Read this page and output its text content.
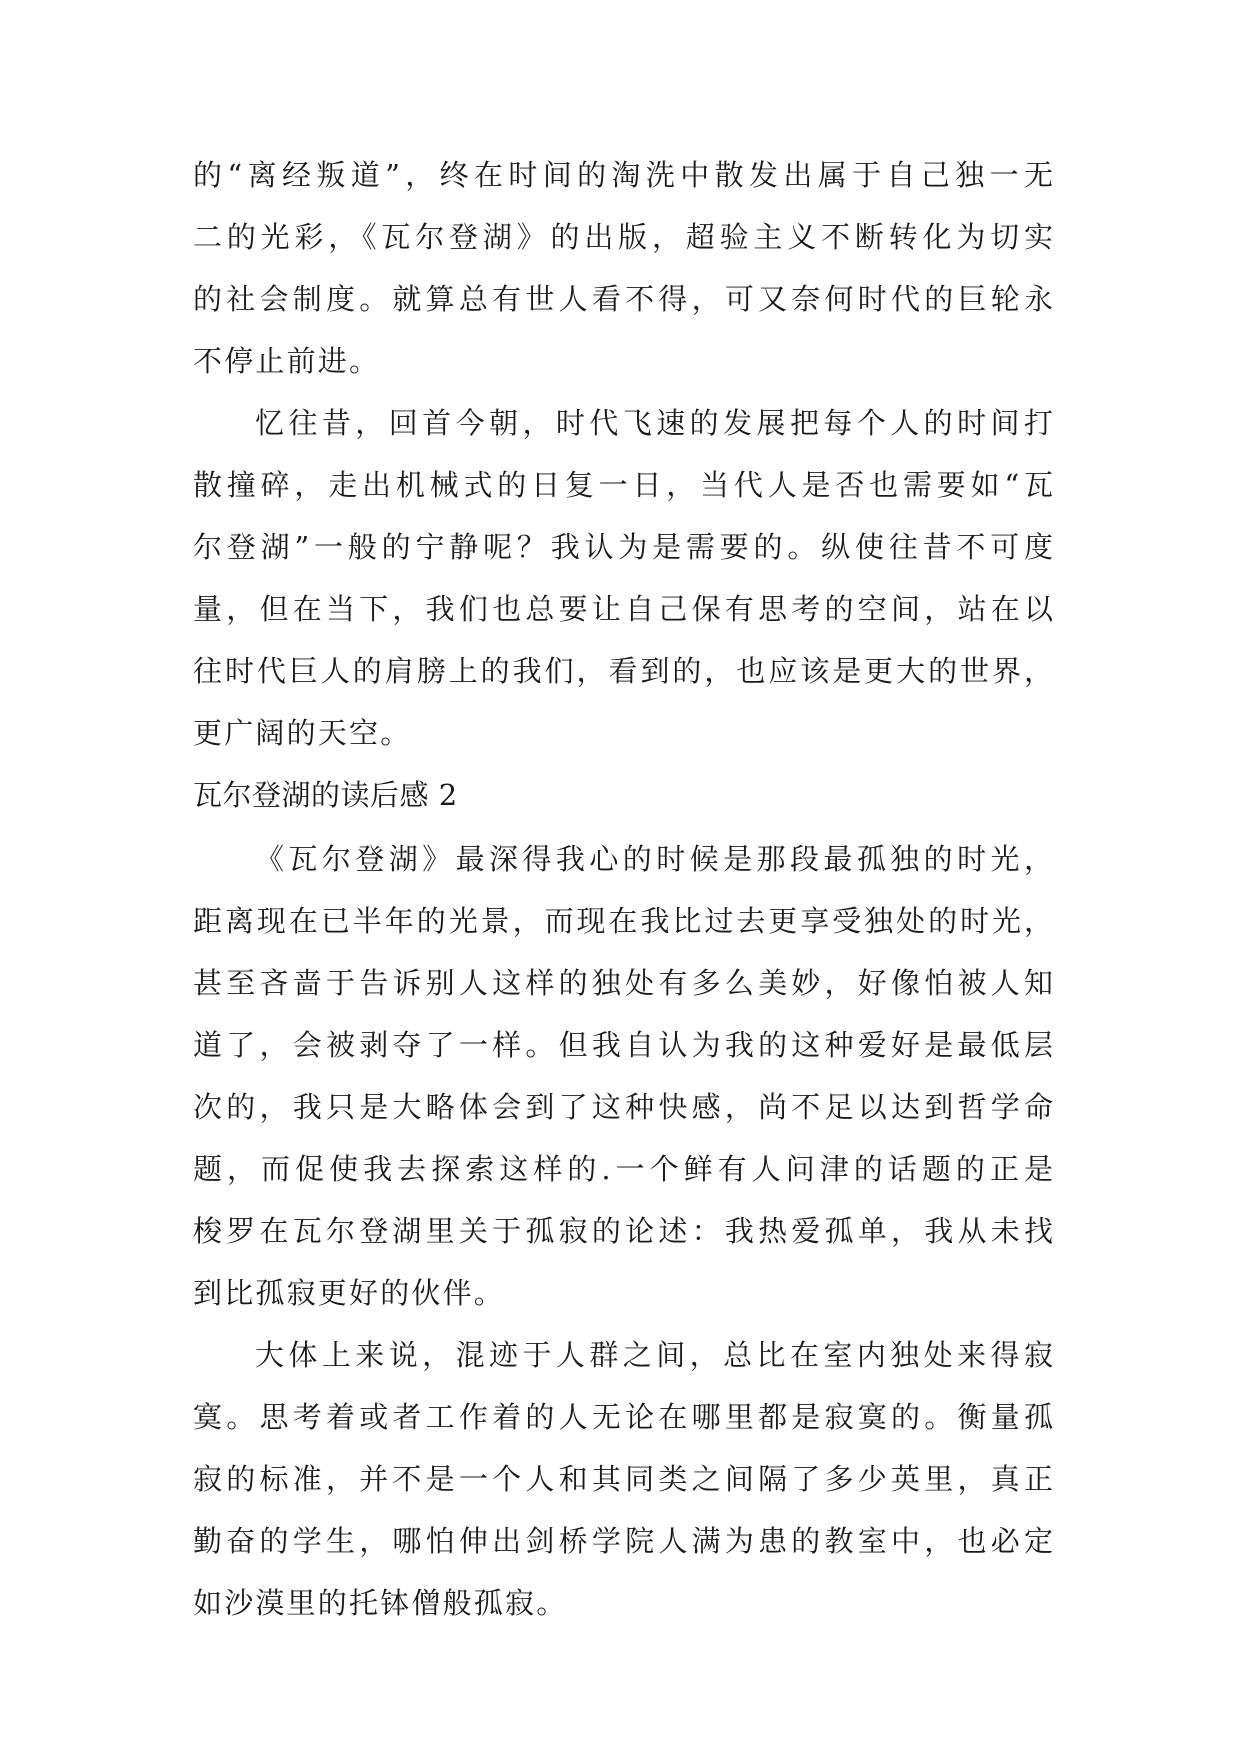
的“离经叛道”，终在时间的淘洗中散发出属于自己独一无
二的光彩，《瓦尔登湖》的出版，超验主义不断转化为切实
的社会制度。就算总有世人看不得，可又奈何时代的巨轮永
不停止前进。
忆往昔，回首今朝，时代飞速的发展把每个人的时间打
散撞碎，走出机械式的日复一日，当代人是否也需要如“瓦
尔登湖”一般的宁静呢？我认为是需要的。纵使往昔不可度
量，但在当下，我们也总要让自己保有思考的空间，站在以
往时代巨人的肩膀上的我们，看到的，也应该是更大的世界，
更广阔的天空。
瓦尔登湖的读后感 2
《瓦尔登湖》最深得我心的时候是那段最孤独的时光，
距离现在已半年的光景，而现在我比过去更享受独处的时光，
甚至吝啬于告诉别人这样的独处有多么美妙，好像怕被人知
道了，会被剥夺了一样。但我自认为我的这种爱好是最低层
次的，我只是大略体会到了这种快感，尚不足以达到哲学命
题，而促使我去探索这样的.一个鲜有人问津的话题的正是
梭罗在瓦尔登湖里关于孤寂的论述：我热爱孤单，我从未找
到比孤寂更好的伙伴。
大体上来说，混迹于人群之间，总比在室内独处来得寂
寞。思考着或者工作着的人无论在哪里都是寂寞的。衡量孤
寂的标准，并不是一个人和其同类之间隔了多少英里，真正
勤奋的学生，哪怕伸出剑桥学院人满为患的教室中，也必定
如沙漠里的托钵僧般孤寂。
